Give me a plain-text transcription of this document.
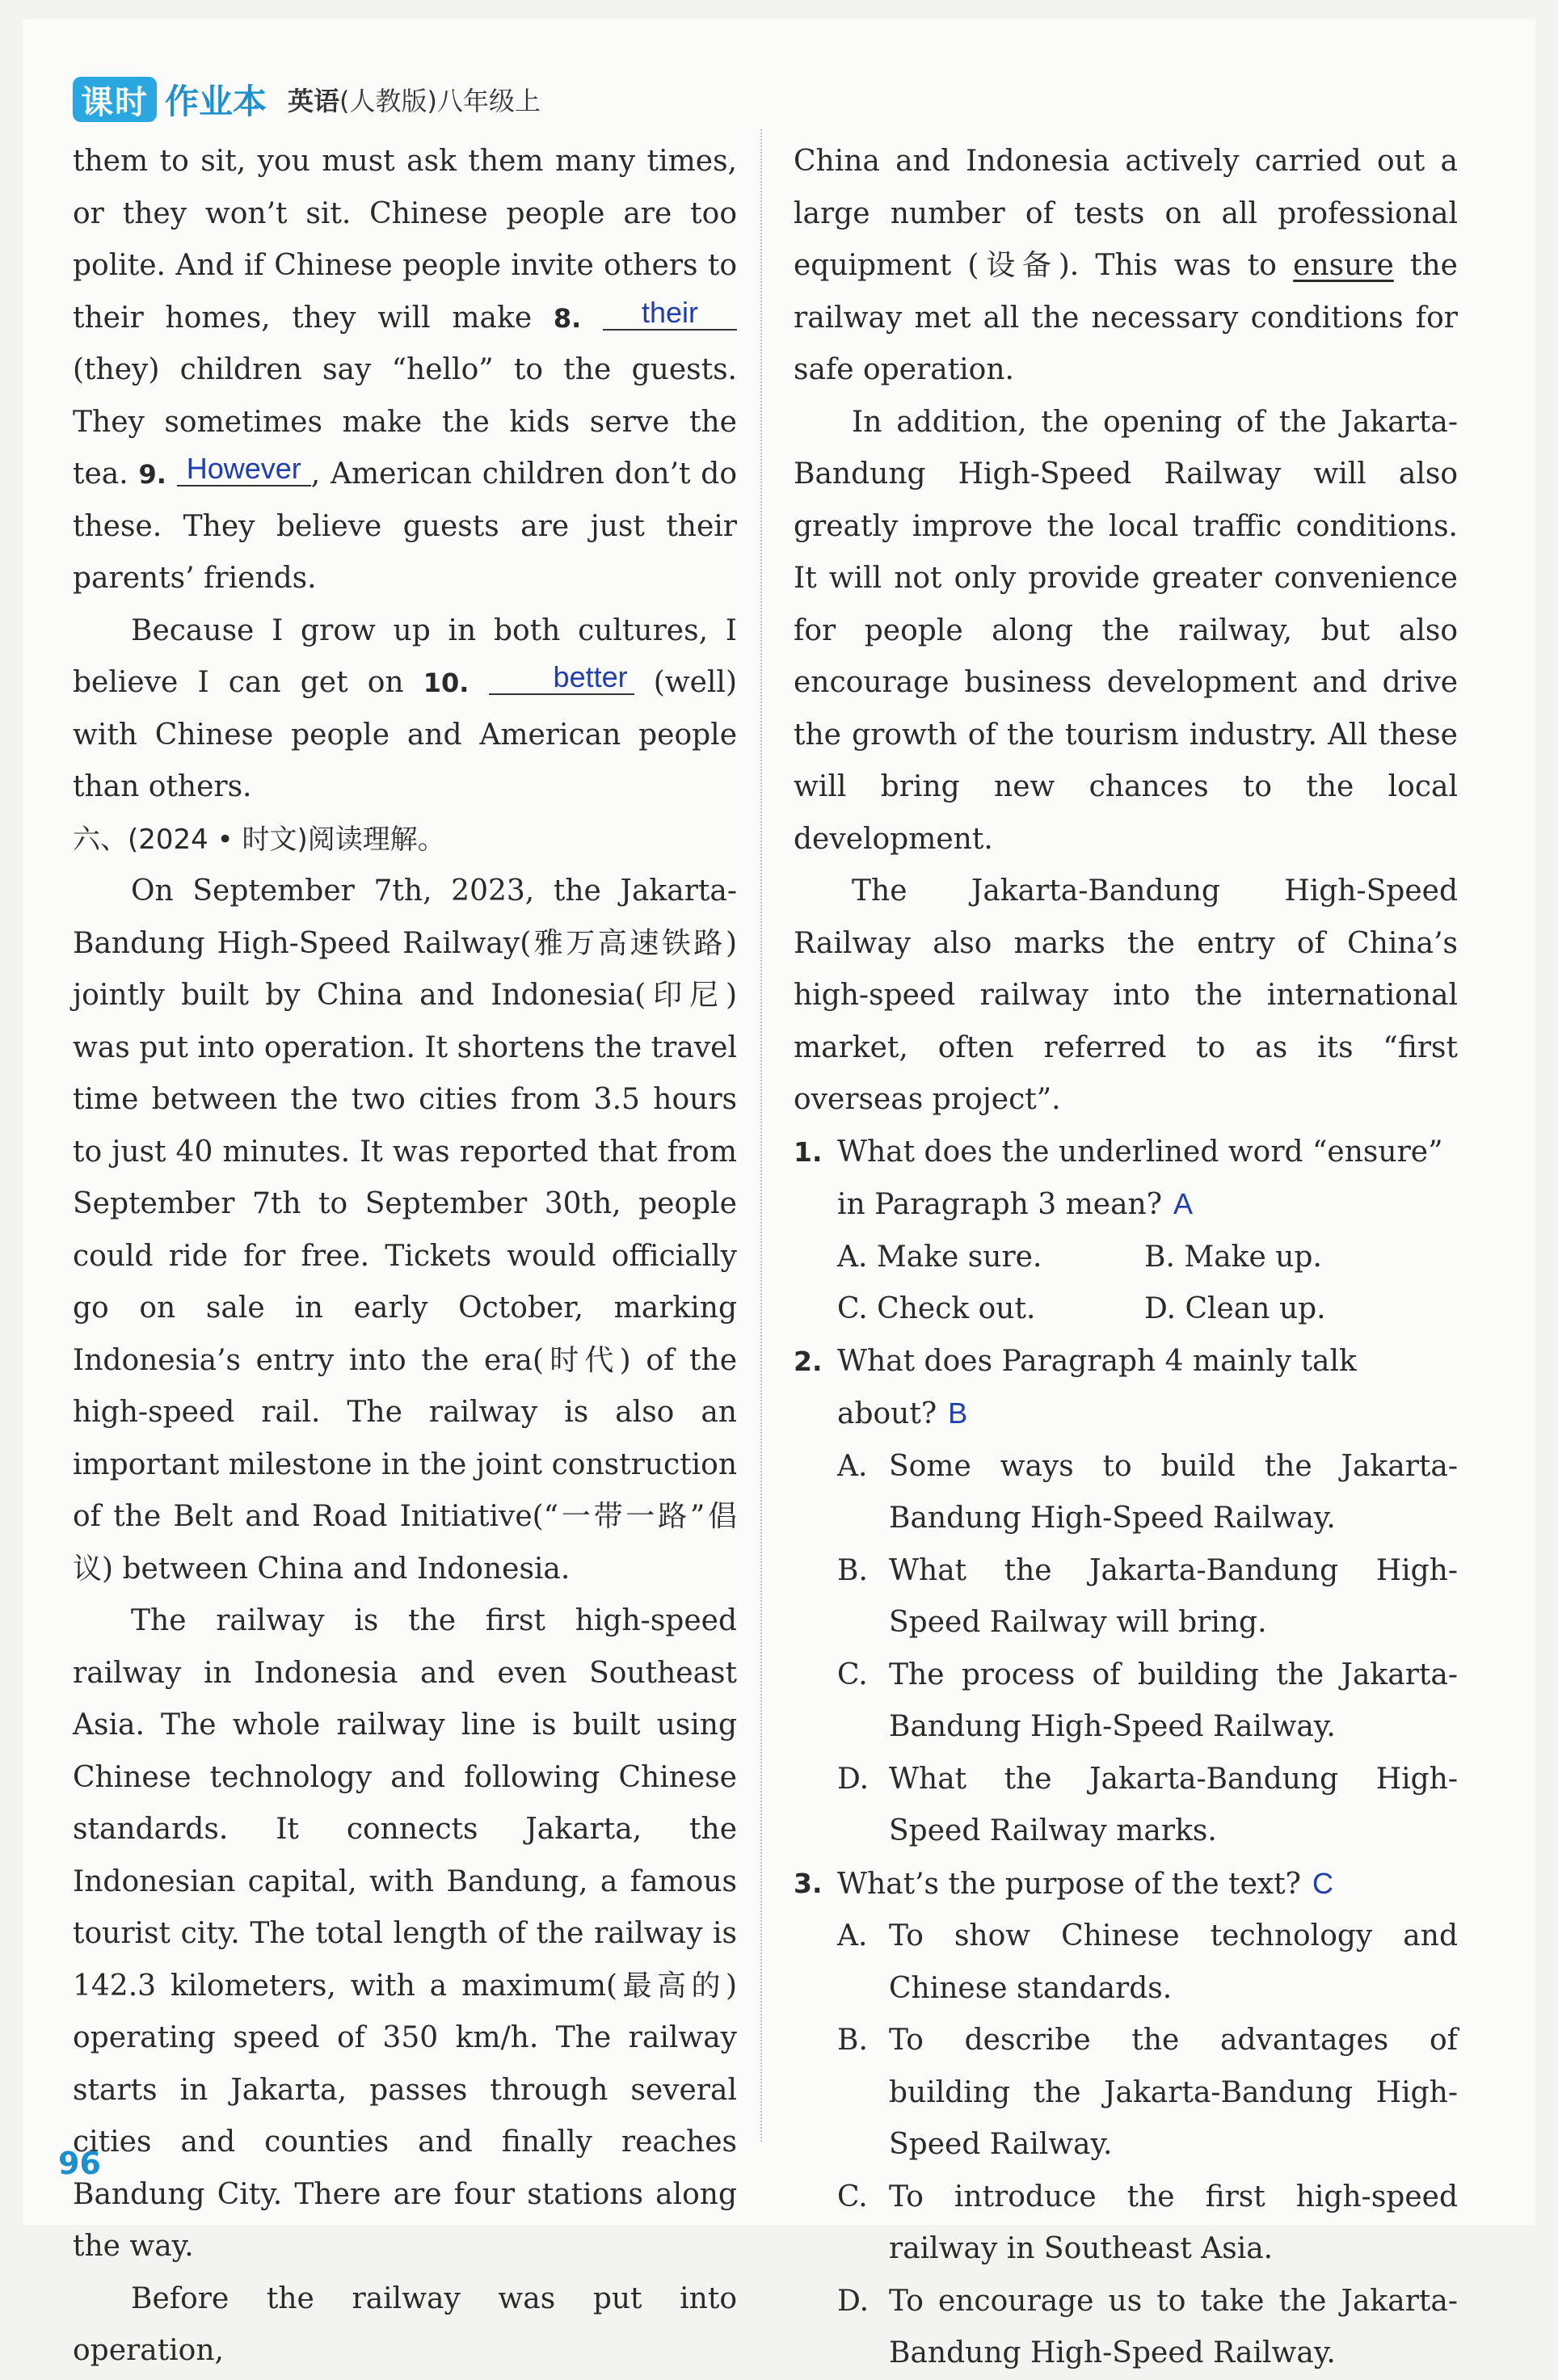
课时 作业本 英语(人教版)八年级上

them to sit, you must ask them many times, or they won’t sit. Chinese people are too polite. And if Chinese people invite others to their homes, they will make 8. their (they) children say “hello” to the guests. They sometimes make the kids serve the tea. 9. However , American children don’t do these. They believe guests are just their parents’ friends.

Because I grow up in both cultures, I believe I can get on 10.	better (well) with Chinese people and American people than others.

六、(2024 • 时文)阅读理解。

On September 7th, 2023, the Jakarta-Bandung High-Speed Railway(雅万高速铁路) jointly built by China and Indonesia(印尼) was put into operation. It shortens the travel time between the two cities from 3.5 hours to just 40 minutes. It was reported that from September 7th to September 30th, people could ride for free. Tickets would officially go on sale in early October, marking Indonesia’s entry into the era(时代) of the high-speed rail. The railway is also an important milestone in the joint construction of the Belt and Road Initiative(“一带一路”倡议) between China and Indonesia.

The railway is the first high-speed railway in Indonesia and even Southeast Asia. The whole railway line is built using Chinese technology and following Chinese standards. It connects Jakarta, the Indonesian capital, with Bandung, a famous tourist city. The total length of the railway is 142.3 kilometers, with a maximum(最高的) operating speed of 350 km/h. The railway starts in Jakarta, passes through several cities and counties and finally reaches Bandung City. There are four stations along the way.

Before the railway was put into operation,

China and Indonesia actively carried out a large number of tests on all professional equipment (设备). This was to ensure the railway met all the necessary conditions for safe operation.

In addition, the opening of the Jakarta-Bandung High-Speed Railway will also greatly improve the local traffic conditions. It will not only provide greater convenience for people along the railway, but also encourage business development and drive the growth of the tourism industry. All these will bring new chances to the local development.

The Jakarta-Bandung High-Speed Railway also marks the entry of China’s high-speed railway into the international market, often referred to as its “first overseas project”.

1. What does the underlined word “ensure” in Paragraph 3 mean? A
A. Make sure.	B. Make up.
C. Check out.	D. Clean up.
2. What does Paragraph 4 mainly talk about? B
A. Some ways to build the Jakarta-Bandung High-Speed Railway.
B. What the Jakarta-Bandung High-Speed Railway will bring.
C. The process of building the Jakarta-Bandung High-Speed Railway.
D. What the Jakarta-Bandung High-Speed Railway marks.
3. What’s the purpose of the text? C
A. To show Chinese technology and Chinese standards.
B. To describe the advantages of building the Jakarta-Bandung High-Speed Railway.
C. To introduce the first high-speed railway in Southeast Asia.
D. To encourage us to take the Jakarta-Bandung High-Speed Railway.
96
